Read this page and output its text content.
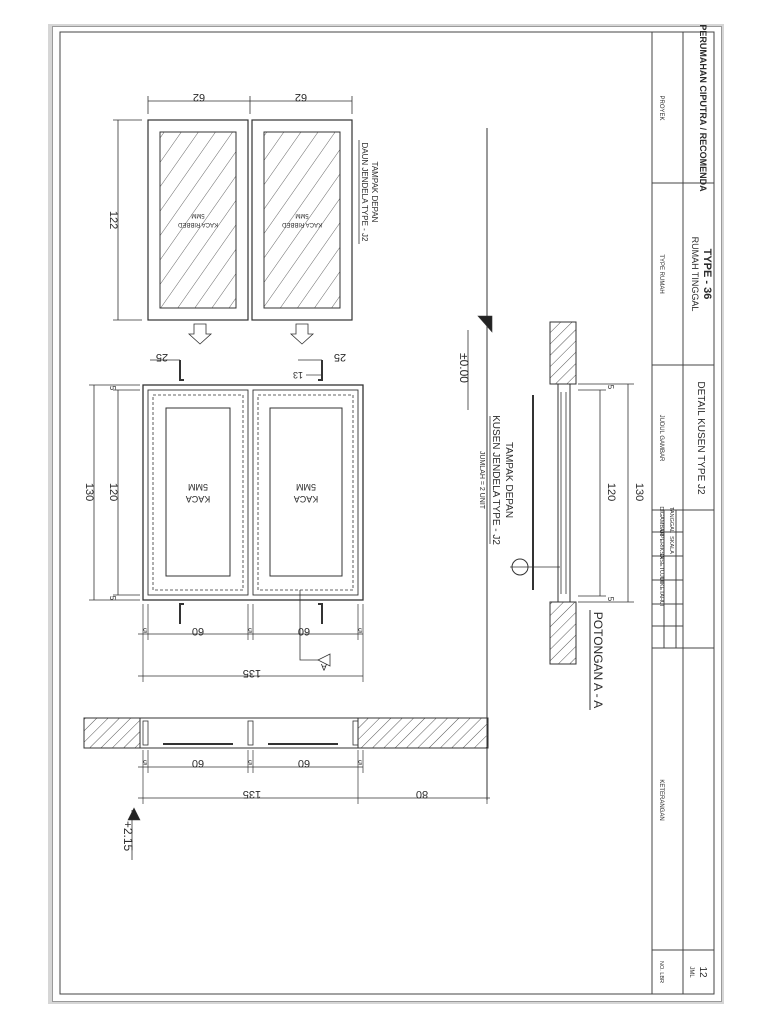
PERUMAHAN CIPUTRA / RECOMENDA
PROYEK
TYPE - 36
RUMAH TINGGAL
TYPE RUMAH
DETAIL KUSEN TYPE J2
JUDUL GAMBAR
DIGAMBAR
DIPERIKSA
DISETUJUI
DIKETAHUI
TANGGAL
SKALA
KETERANGAN
NO. LBR	12
JML
KACA RIBBED
5MM
KACA RIBBED
5MM
62	62
122	TAMPAK DEPAN
DAUN JENDELA TYPE - J2
KACA
5MM
KACA
5MM
130 120
5
5
5	60	5	60	5
135
25	25
13
A
±0.00
TAMPAK DEPAN
KUSEN JENDELA TYPE - J2
JUMLAH = 2 UNIT	130
120
5
5
POTONGAN A - A
5	60	5	60	5
135	80
+2.15
